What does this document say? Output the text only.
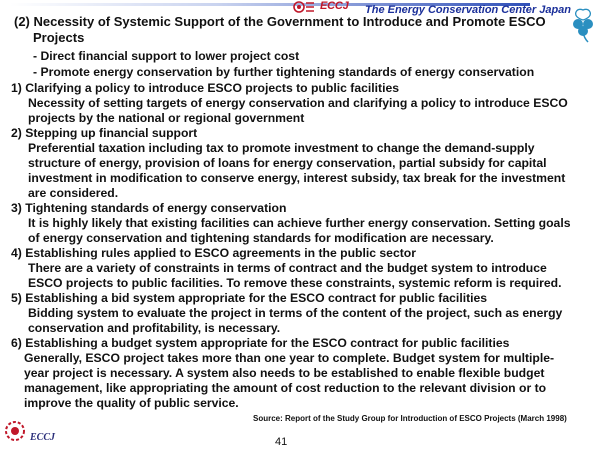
ECCJ The Energy Conservation Center Japan
(2) Necessity of Systemic Support of the Government to Introduce and Promote ESCO
Projects
- Direct financial support to lower project cost
- Promote energy conservation by further tightening standards of energy conservation
1) Clarifying a policy to introduce ESCO projects to public facilities
Necessity of setting targets of energy conservation and clarifying a policy to introduce ESCO
projects by the national or regional government
2) Stepping up financial support
Preferential taxation including tax to promote investment to change the demand-supply
structure of energy, provision of loans for energy conservation, partial subsidy for capital
investment in modification to conserve energy, interest subsidy, tax break for the investment
are considered.
3) Tightening standards of energy conservation
It is highly likely that existing facilities can achieve further energy conservation. Setting goals
of energy conservation and tightening standards for modification are necessary.
4) Establishing rules applied to ESCO agreements in the public sector
There are a variety of constraints in terms of contract and the budget system to introduce
ESCO projects to public facilities. To remove these constraints, systemic reform is required.
5) Establishing a bid system appropriate for the ESCO contract for public facilities
Bidding system to evaluate the project in terms of the content of the project, such as energy
conservation and profitability, is necessary.
6) Establishing a budget system appropriate for the ESCO contract for public facilities
Generally, ESCO project takes more than one year to complete. Budget system for multiple-
year project is necessary. A system also needs to be established to enable flexible budget
management, like appropriating the amount of cost reduction to the relevant division or to
improve the quality of public service.
Source: Report of the Study Group for Introduction of ESCO Projects (March 1998)
ECCJ	41
